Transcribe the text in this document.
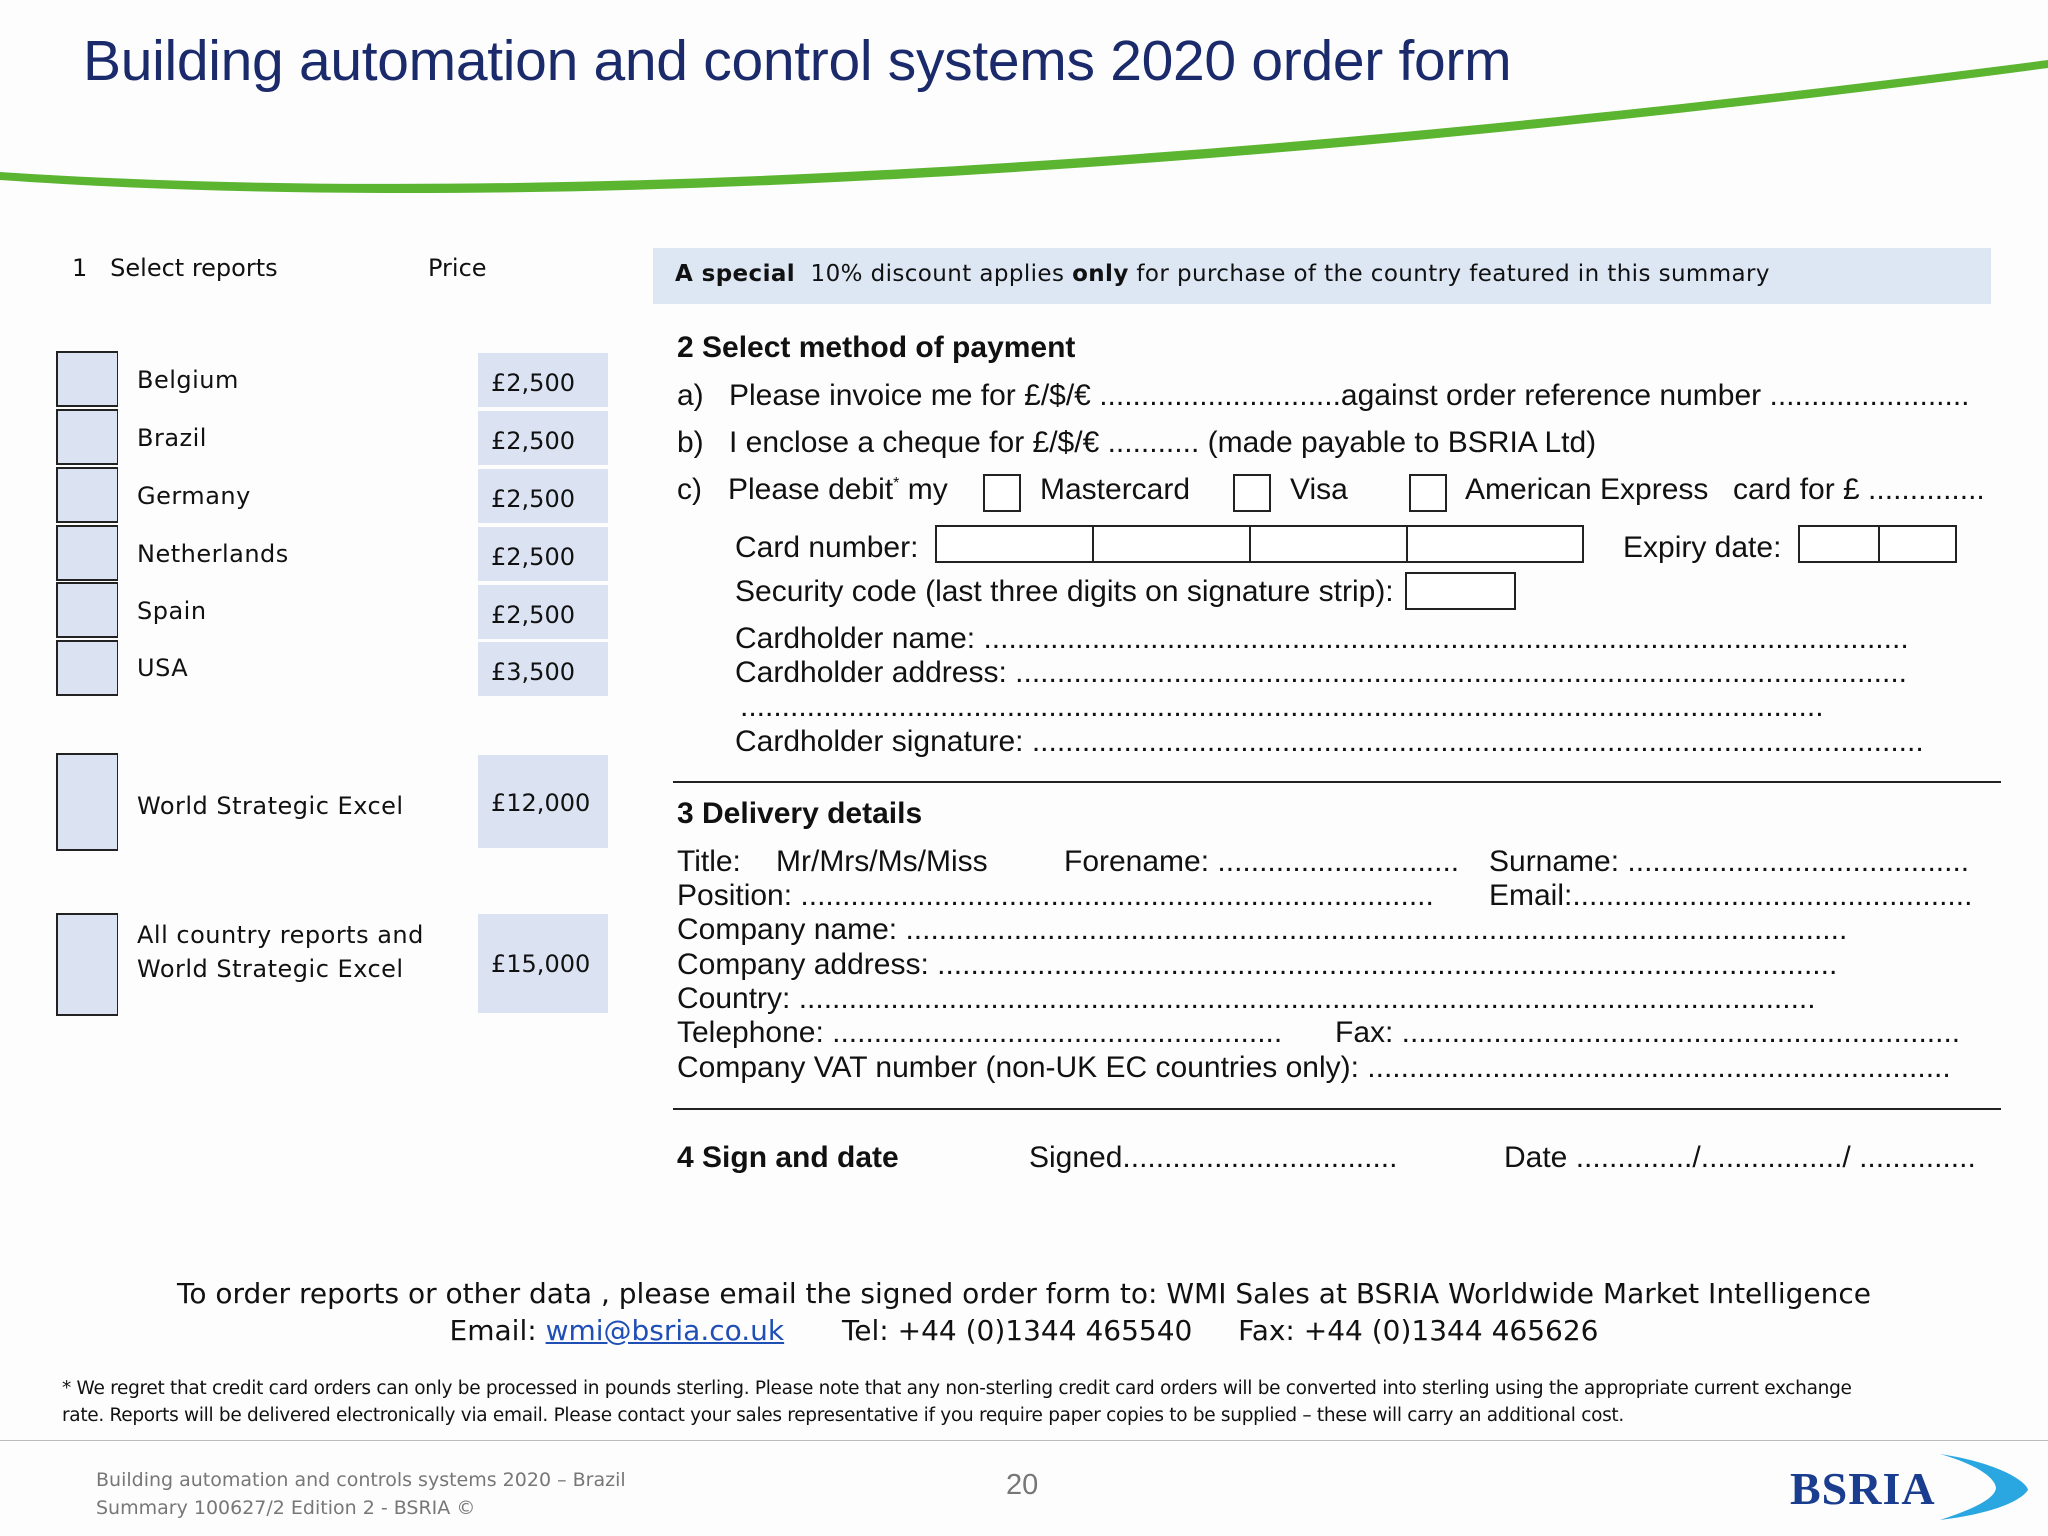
Building automation and control systems 2020 order form
1   Select reports	Price
Belgium	£2,500
Brazil	£2,500
Germany	£2,500
Netherlands	£2,500
Spain	£2,500
USA	£3,500
World Strategic Excel	£12,000
All country reports and
World Strategic Excel	£15,000
A special 10% discount applies only for purchase of the country featured in this summary
2 Select method of payment
a) Please invoice me for £/$/€ .............................against order reference number ........................
b) I enclose a cheque for £/$/€ ........... (made payable to BSRIA Ltd)
c) Please debit* my	Mastercard	Visa	American Express card for £ ..............
Card number:	Expiry date:
Security code (last three digits on signature strip):
Cardholder name: ...............................................................................................................
Cardholder address: ...........................................................................................................
..................................................................................................................................
Cardholder signature: ...........................................................................................................
3 Delivery details
Title: Mr/Mrs/Ms/Miss	Forename: ............................. Surname: .........................................
Position: ............................................................................ Email:................................................
Company name: .................................................................................................................
Company address: ............................................................................................................
Country: ..........................................................................................................................
Telephone: ...................................................... Fax: ...................................................................
Company VAT number (non-UK EC countries only): ......................................................................
4 Sign and date	Signed.................................	Date ............../................./ ..............
To order reports or other data , please email the signed order form to: WMI Sales at BSRIA Worldwide Market Intelligence
Email: wmi@bsria.co.uk Tel: +44 (0)1344 465540 Fax: +44 (0)1344 465626
* We regret that credit card orders can only be processed in pounds sterling. Please note that any non-sterling credit card orders will be converted into sterling using the appropriate current exchange
rate. Reports will be delivered electronically via email. Please contact your sales representative if you require paper copies to be supplied – these will carry an additional cost.
Building automation and controls systems 2020 – Brazil
Summary 100627/2 Edition 2 - BSRIA ©
20	BSRIA
